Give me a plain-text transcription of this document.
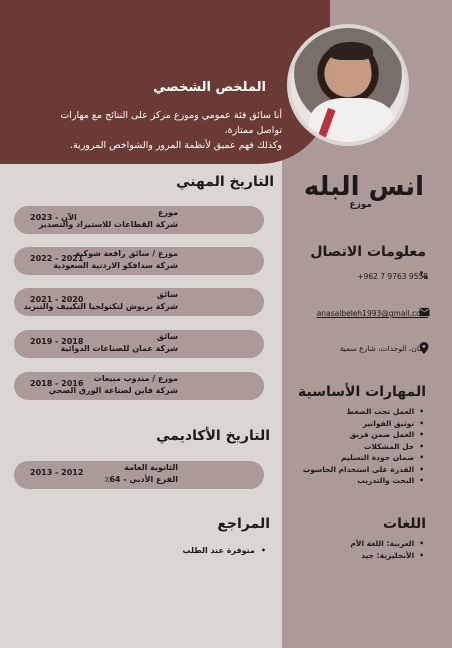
الملخص الشخصي
أنا سائق فئة عمومي وموزع مركز على النتائج مع مهارات
تواصل ممتازة،
وكذلك فهم عميق لأنظمة المرور والشواخص المرورية.
انس البله
موزع
التاريخ المهني
موزع
شركة القطاعات للاستيراد والتصدير
الآن - 2023
موزع / سائق رافعة شوكية
شركة سدافكو الاردنية السعودية
2022 - 2021
سائق
شركة بريوش لتكنولجيا التكييف والتبريد
2021 - 2020
سائق
شركة عمان للصناعات الدوائية
2019 - 2018
موزع / مندوب مبيعات
شركة فاين لصناعة الورق الصحي
2018 - 2016
التاريخ الأكاديمي
الثانوية العامة
الفرع الأدبي - 64٪
2013 - 2012
المراجع
• متوفرة عند الطلب
معلومات الاتصال
+962 7 9763 9558
anasalbeleh1993@gmail.com
عمان، الوحدات، شارع سمية
المهارات الأساسية
• العمل تحت الضغط
• توثيق الفواتير
• العمل ضمن فريق
• حل المشكلات
• ضمان جودة التسليم
• القدرة على استخدام الحاسوب
• البحث والتدريب
اللغات
• العربية: اللغة الأم
• الأنجليزية: جيد
